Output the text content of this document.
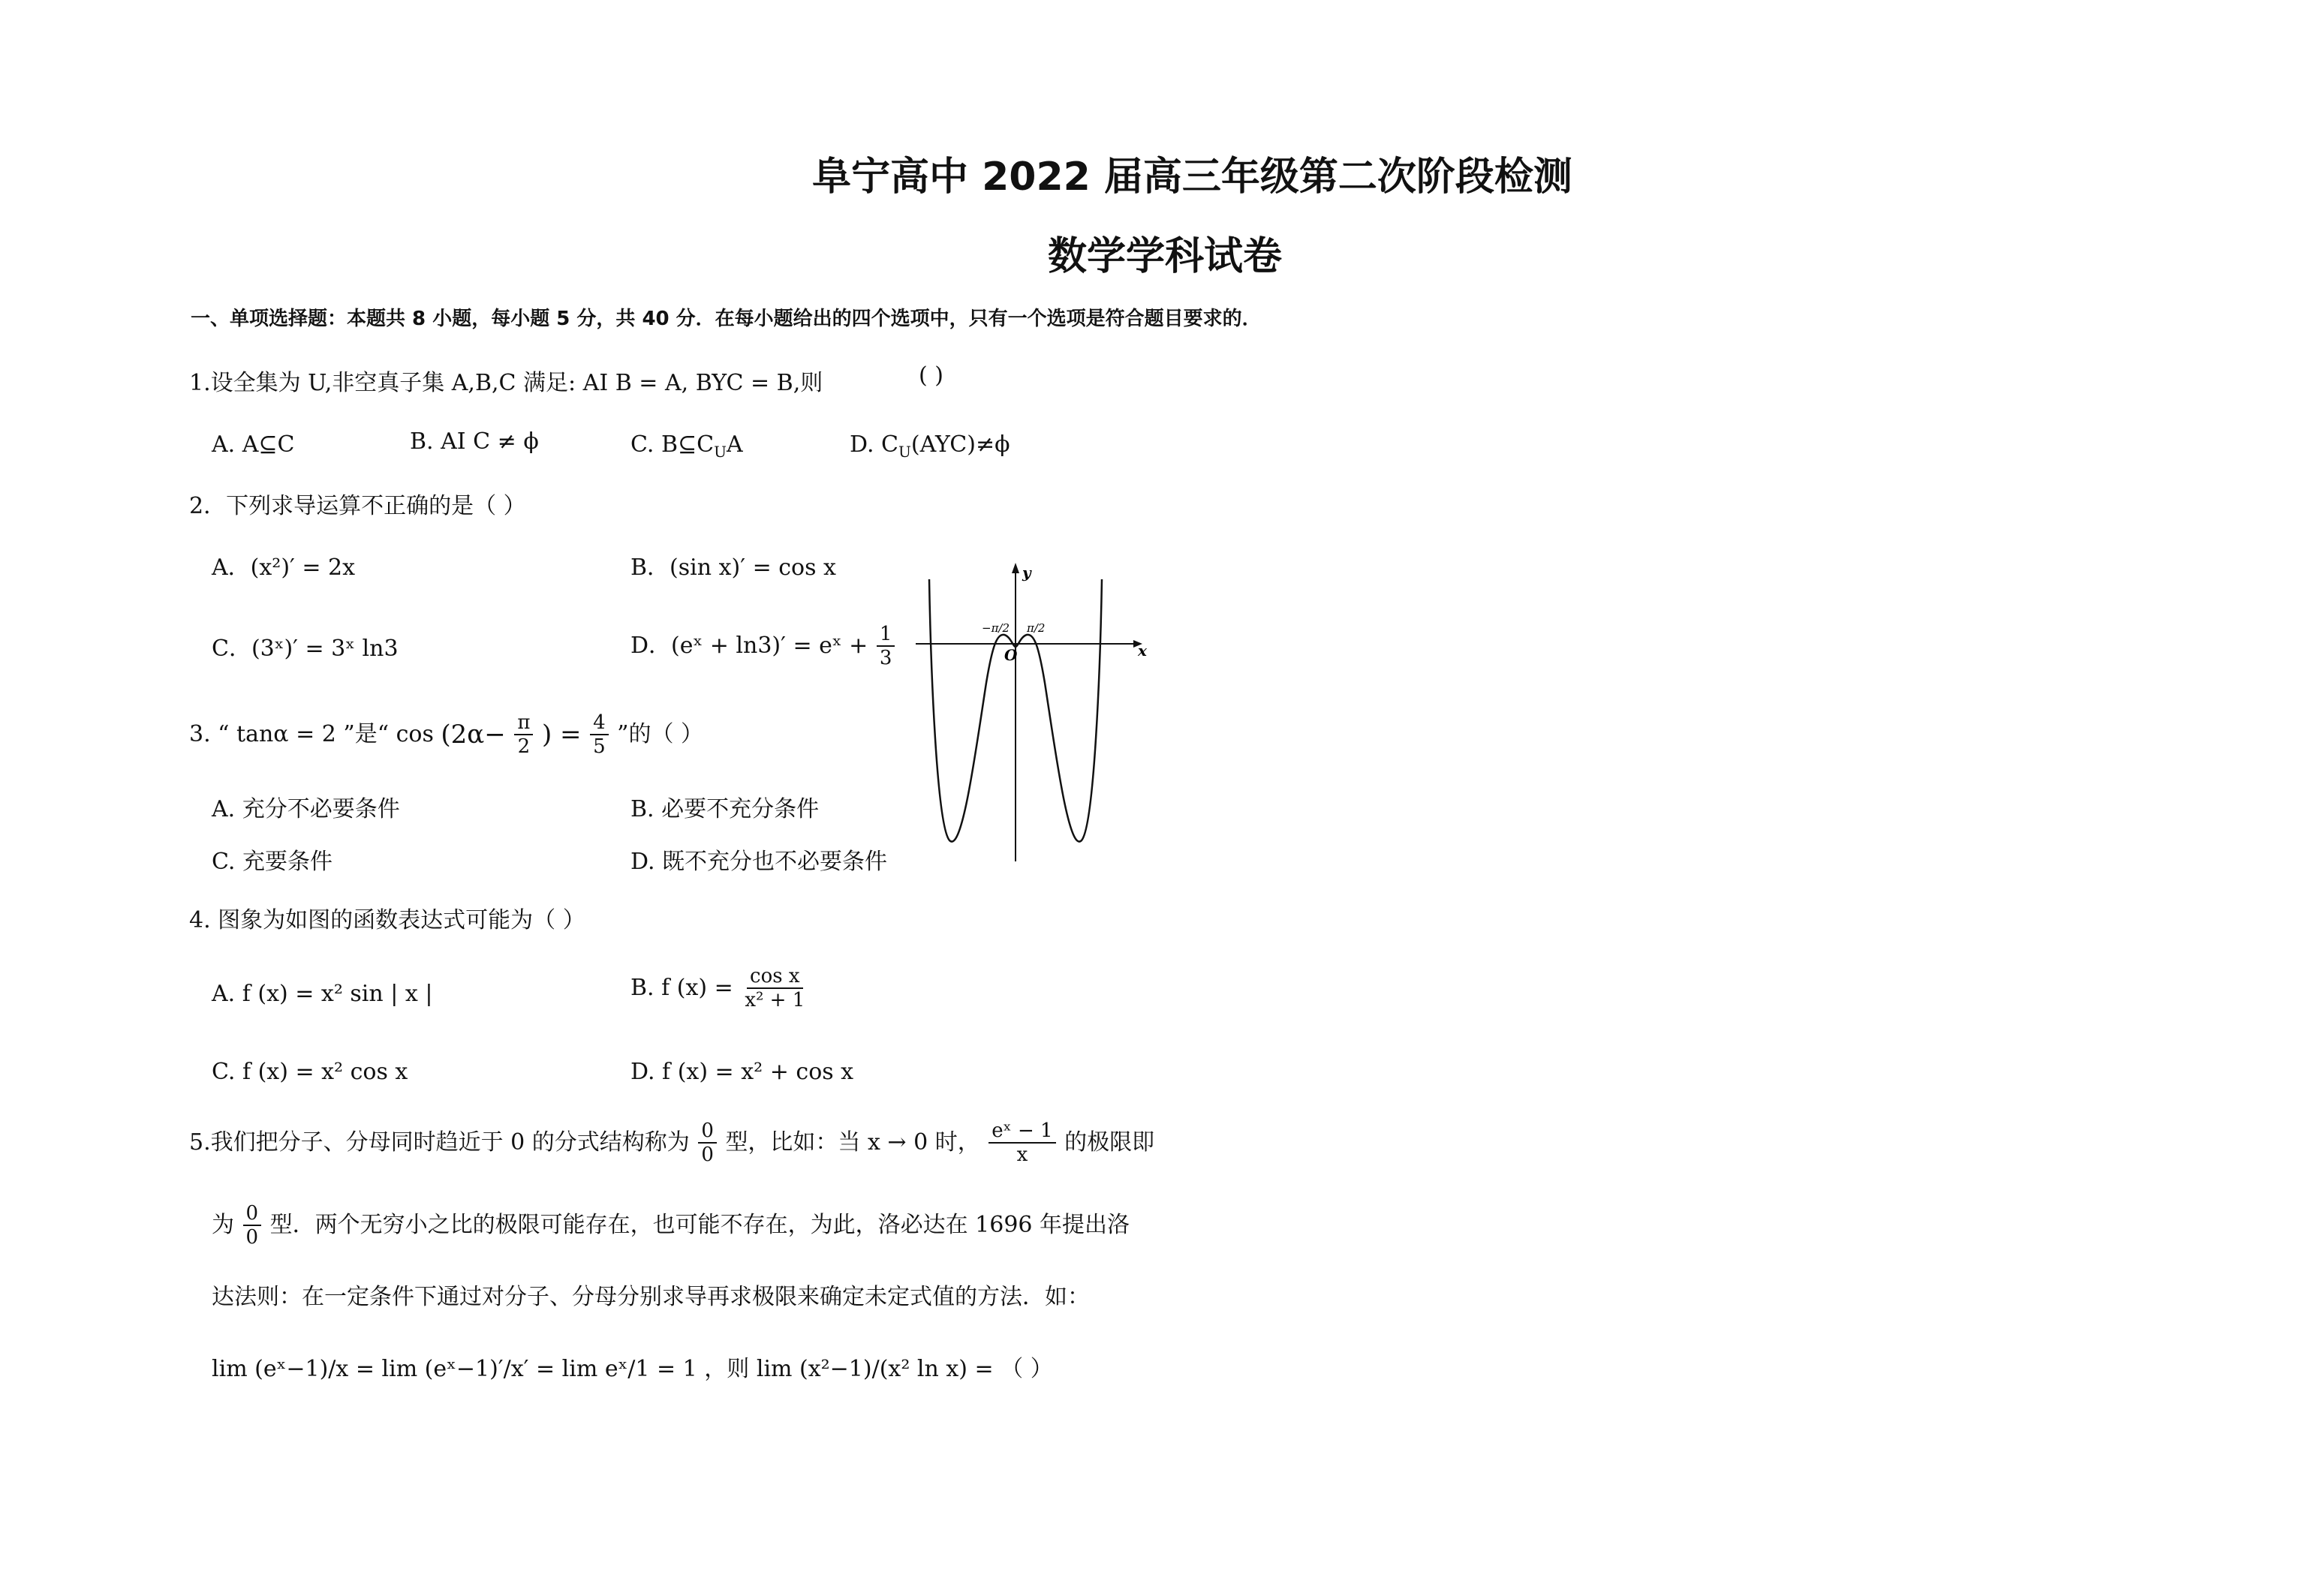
阜宁高中 2022 届高三年级第二次阶段检测
数学学科试卷
一、单项选择题：本题共 8 小题，每小题 5 分，共 40 分．在每小题给出的四个选项中，只有一个选项是符合题目要求的．
1.设全集为 U,非空真子集 A,B,C 满足: AI B = A, BYC = B,则	( )
A. A⊆C	B. AI C ≠ ϕ	C. $B⊆C_UA$	D. $C_U(AYC)\ne\phi$
2．下列求导运算不正确的是（ ）
A．(x²)′ = 2x	B．(sin x)′ = cos x
C．(3ˣ)′ = 3ˣ ln3	D．(eˣ + ln3)′ = eˣ + $\frac{1}{3}$
3. “ tanα = 2 ”是“ $\cos (2\alpha- \frac{\pi}{2}$ ) = $\frac{4}{5}$ ”的（ ）
A. 充分不必要条件	B. 必要不充分条件
C. 充要条件	D. 既不充分也不必要条件
4. 图象为如图的函数表达式可能为（ ）
A. f (x) = x² sin | x |	B. f $(x) = \frac{\text{cos x}}{\text{x² + 1}}$
C. f (x) = x² cos x	D. f (x) = x² + cos x
5.我们把分子、分母同时趋近于 0 的分式结构称为 $\frac{0}{0}$ 型，比如：当 x → 0 时， $\frac{\text{eˣ − 1}}{x}$ 的极限即
为 $\frac{0}{0}$ 型．两个无穷小之比的极限可能存在，也可能不存在，为此，洛必达在 1696 年提出洛
达法则：在一定条件下通过对分子、分母分别求导再求极限来确定未定式值的方法．如：
lim (eˣ−1)/x = lim (eˣ−1)′/x′ = lim eˣ/1 = 1 ，则 lim (x²−1)/(x² ln x) = （ ）
y
x
O
−π/2 π/2
